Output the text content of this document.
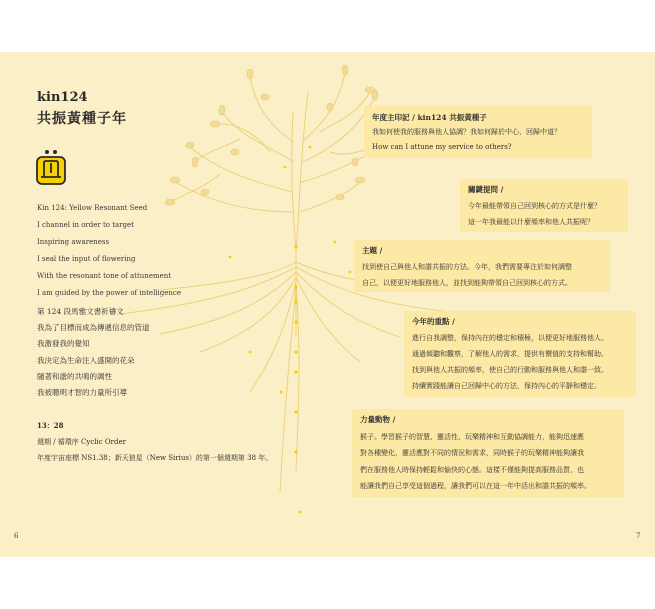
kin124
共振黃種子年
Kin 124: Yellow Resonant Seed
I channel in order to target
Inspiring awareness
I seal the input of flowering
With the resonant tone of attunement
I am guided by the power of intelligence
第 124 段馬雅文書祈禱文
我為了目標而成為傳遞信息的管道
我激發我的覺知
我決定為生命注入盛開的花朵
隨著和諧的共鳴的調性
我被聰明才智的力量所引導
13：28
週期 / 循環序 Cyclic Order
年度宇宙座標 NS1.38；新天狼星（New Sirius）的第一個週期第 38 年。
6
年度主印記 / kin124 共振黃種子
我如何使我的服務與他人協調？我如何歸於中心、回歸中道？
How can I attune my service to others?
關鍵提問 /
今年最能帶領自己回到核心的方式是什麼？
這一年我最能以什麼頻率和他人共振呢？
主題 /
找到使自己與他人和諧共振的方法。今年，我們需要專注於如何調整
自己，以便更好地服務他人，並找到能夠帶領自己回到核心的方式。
今年的重點 /
進行自我調整，保持內在的穩定和積極，以便更好地服務他人。
通過傾聽和觀察，了解他人的需求，提供有價值的支持和幫助。
找到與他人共振的頻率，使自己的行動和服務與他人和諧一致。
持續實踐能讓自己回歸中心的方法，保持內心的平靜和穩定。
力量動物 /
猴子。學習猴子的智慧、靈活性、玩樂精神和互動協調能力，能夠迅速應
對各種變化，靈活應對不同的情況和需求，同時猴子的玩樂精神能夠讓我
們在服務他人時保持輕鬆和愉快的心態。這樣不僅能夠提高服務品質，也
能讓我們自己享受這個過程，讓我們可以在這一年中活出和諧共振的頻率。
7
